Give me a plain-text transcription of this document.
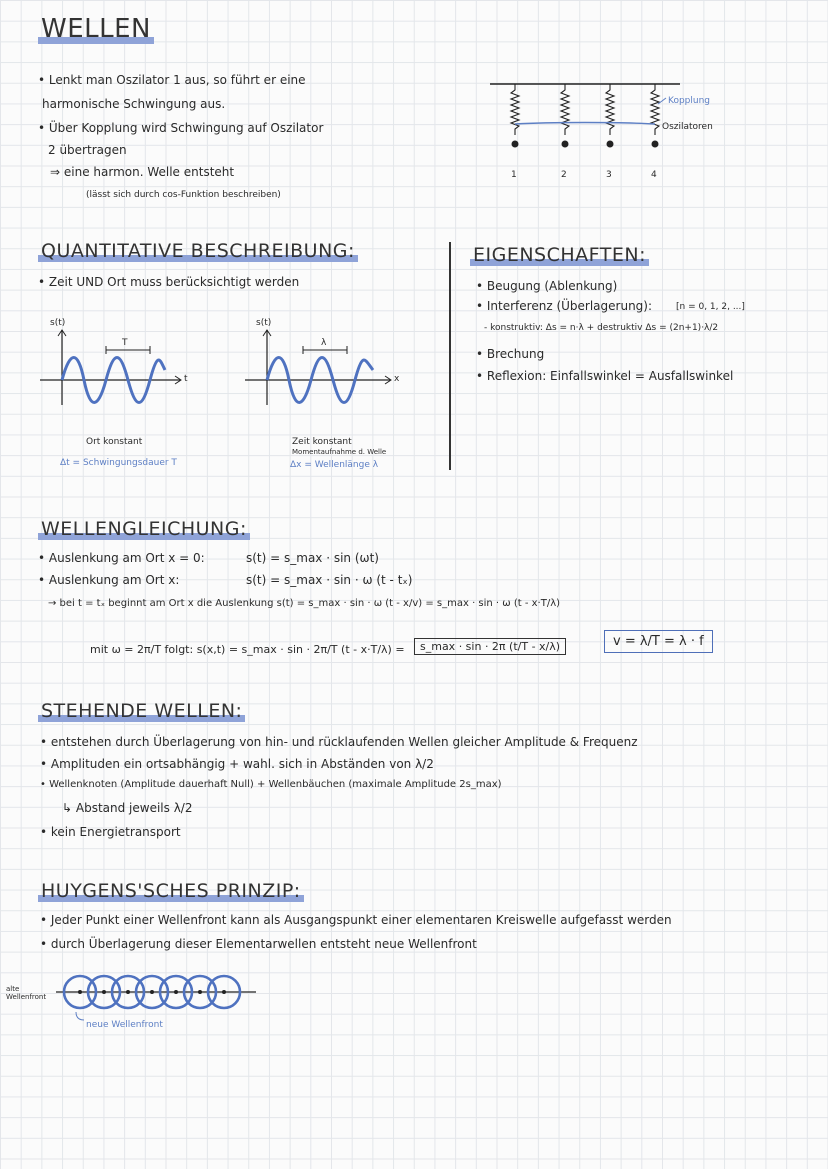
WELLEN
• Lenkt man Oszilator 1 aus, so führt er eine
harmonische Schwingung aus.
• Über Kopplung wird Schwingung auf Oszilator
2 übertragen
⇒ eine harmon. Welle entsteht
(lässt sich durch cos-Funktion beschreiben)
1	2	3	4
Kopplung
Oszilatoren
QUANTITATIVE BESCHREIBUNG:
• Zeit UND Ort muss berücksichtigt werden
s(t)
T
t
Ort konstant
Δt = Schwingungsdauer T
s(t)
λ
x
Zeit konstant
Momentaufnahme d. Welle
Δx = Wellenlänge λ
EIGENSCHAFTEN:
• Beugung (Ablenkung)
• Interferenz (Überlagerung):	[n = 0, 1, 2, ...]
- konstruktiv: Δs = n·λ + destruktiv Δs = (2n+1)·λ/2
• Brechung
• Reflexion: Einfallswinkel = Ausfallswinkel
WELLENGLEICHUNG:
• Auslenkung am Ort x = 0:	s(t) = s_max · sin (ωt)
• Auslenkung am Ort x:	s(t) = s_max · sin · ω (t - tₓ)
→ bei t = tₓ beginnt am Ort x die Auslenkung s(t) = s_max · sin · ω (t - x/v) = s_max · sin · ω (t - x·T/λ)
mit ω = 2π/T folgt: s(x,t) = s_max · sin · 2π/T (t - x·T/λ) =	s_max · sin · 2π (t/T - x/λ)	v = λ/T = λ · f
STEHENDE WELLEN:
• entstehen durch Überlagerung von hin- und rücklaufenden Wellen gleicher Amplitude & Frequenz
• Amplituden ein ortsabhängig + wahl. sich in Abständen von λ/2
• Wellenknoten (Amplitude dauerhaft Null) + Wellenbäuchen (maximale Amplitude 2s_max)
↳ Abstand jeweils λ/2
• kein Energietransport
HUYGENS'SCHES PRINZIP:
• Jeder Punkt einer Wellenfront kann als Ausgangspunkt einer elementaren Kreiswelle aufgefasst werden
• durch Überlagerung dieser Elementarwellen entsteht neue Wellenfront
alte Wellenfront
neue Wellenfront
